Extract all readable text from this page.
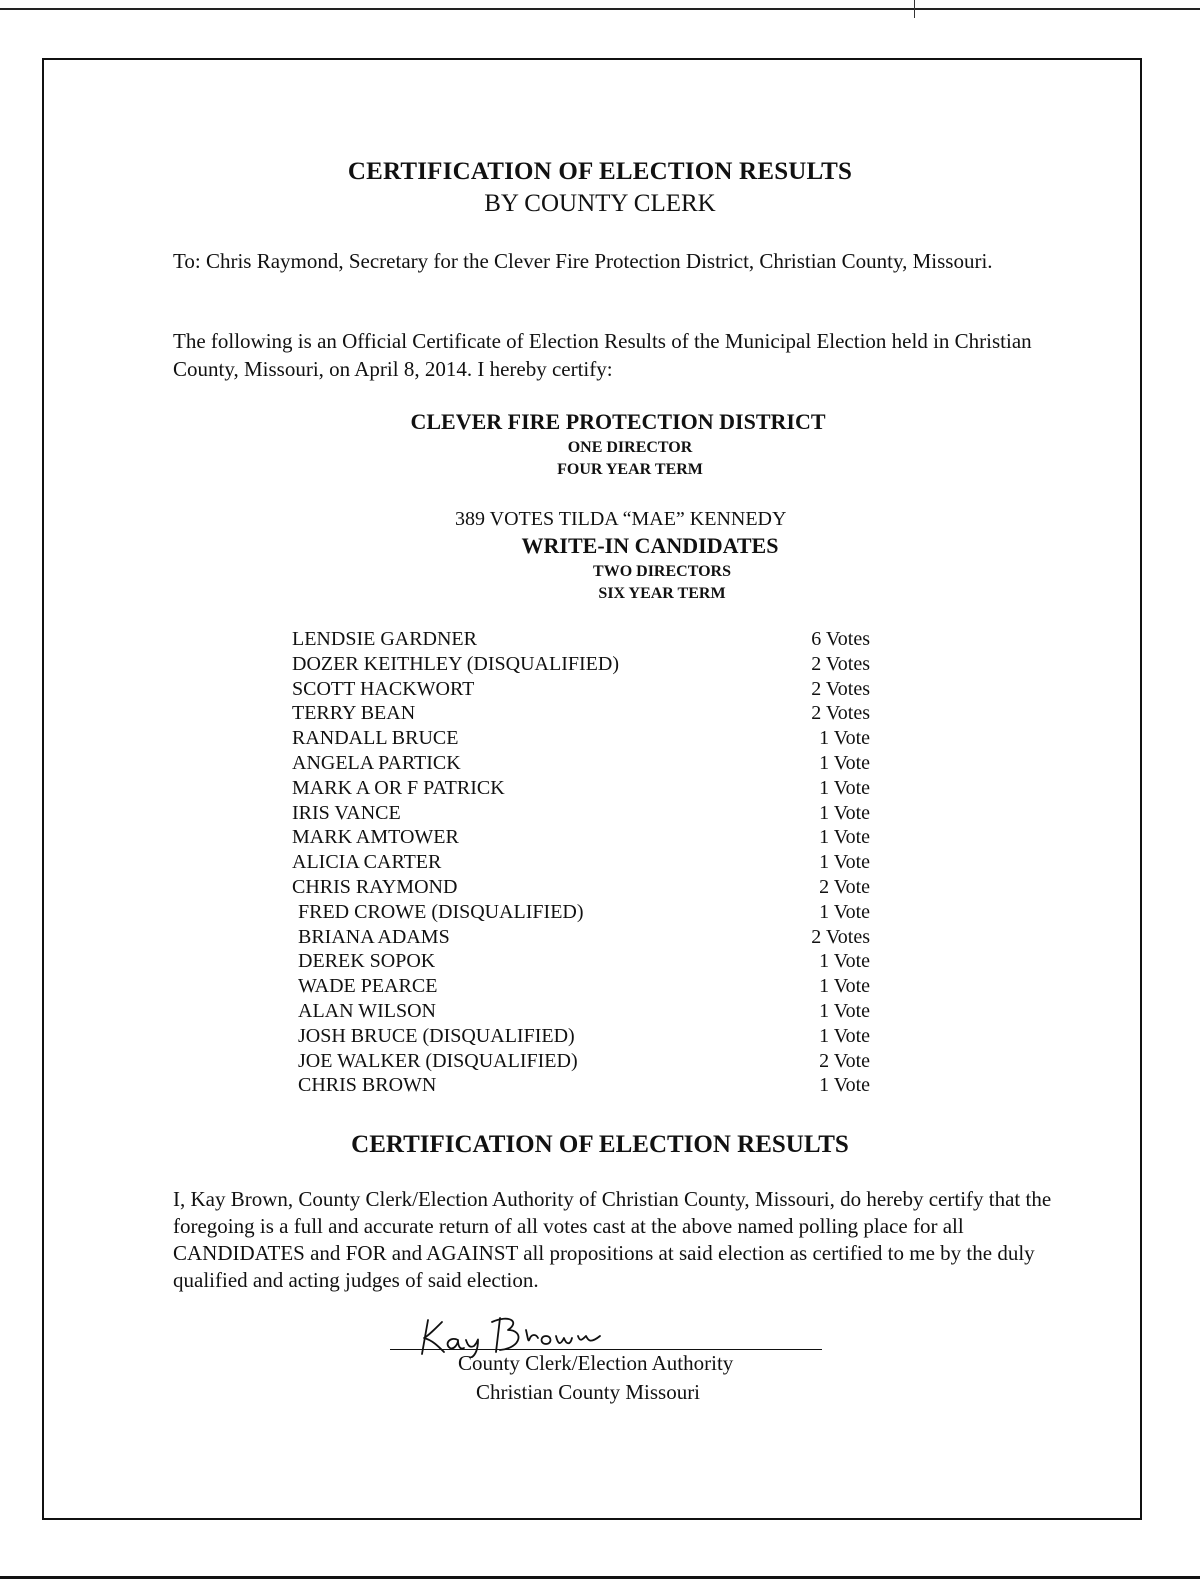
CERTIFICATION OF ELECTION RESULTS
BY COUNTY CLERK

To: Chris Raymond, Secretary for the Clever Fire Protection District, Christian County, Missouri.

The following is an Official Certificate of Election Results of the Municipal Election held in Christian County, Missouri, on April 8, 2014. I hereby certify:

CLEVER FIRE PROTECTION DISTRICT
ONE DIRECTOR
FOUR YEAR TERM
389 VOTES TILDA “MAE” KENNEDY
WRITE-IN CANDIDATES
TWO DIRECTORS
SIX YEAR TERM
LENDSIE GARDNER	6 Votes
DOZER KEITHLEY (DISQUALIFIED)	2 Votes
SCOTT HACKWORT	2 Votes
TERRY BEAN	2 Votes
RANDALL BRUCE	1 Vote
ANGELA PARTICK	1 Vote
MARK A OR F PATRICK	1 Vote
IRIS VANCE	1 Vote
MARK AMTOWER	1 Vote
ALICIA CARTER	1 Vote
CHRIS RAYMOND	2 Vote
FRED CROWE (DISQUALIFIED)	1 Vote
BRIANA ADAMS	2 Votes
DEREK SOPOK	1 Vote
WADE PEARCE	1 Vote
ALAN WILSON	1 Vote
JOSH BRUCE (DISQUALIFIED)	1 Vote
JOE WALKER (DISQUALIFIED)	2 Vote
CHRIS BROWN	1 Vote
CERTIFICATION OF ELECTION RESULTS

I, Kay Brown, County Clerk/Election Authority of Christian County, Missouri, do hereby certify that the foregoing is a full and accurate return of all votes cast at the above named polling place for all CANDIDATES and FOR and AGAINST all propositions at said election as certified to me by the duly qualified and acting judges of said election.

County Clerk/Election Authority
Christian County Missouri
